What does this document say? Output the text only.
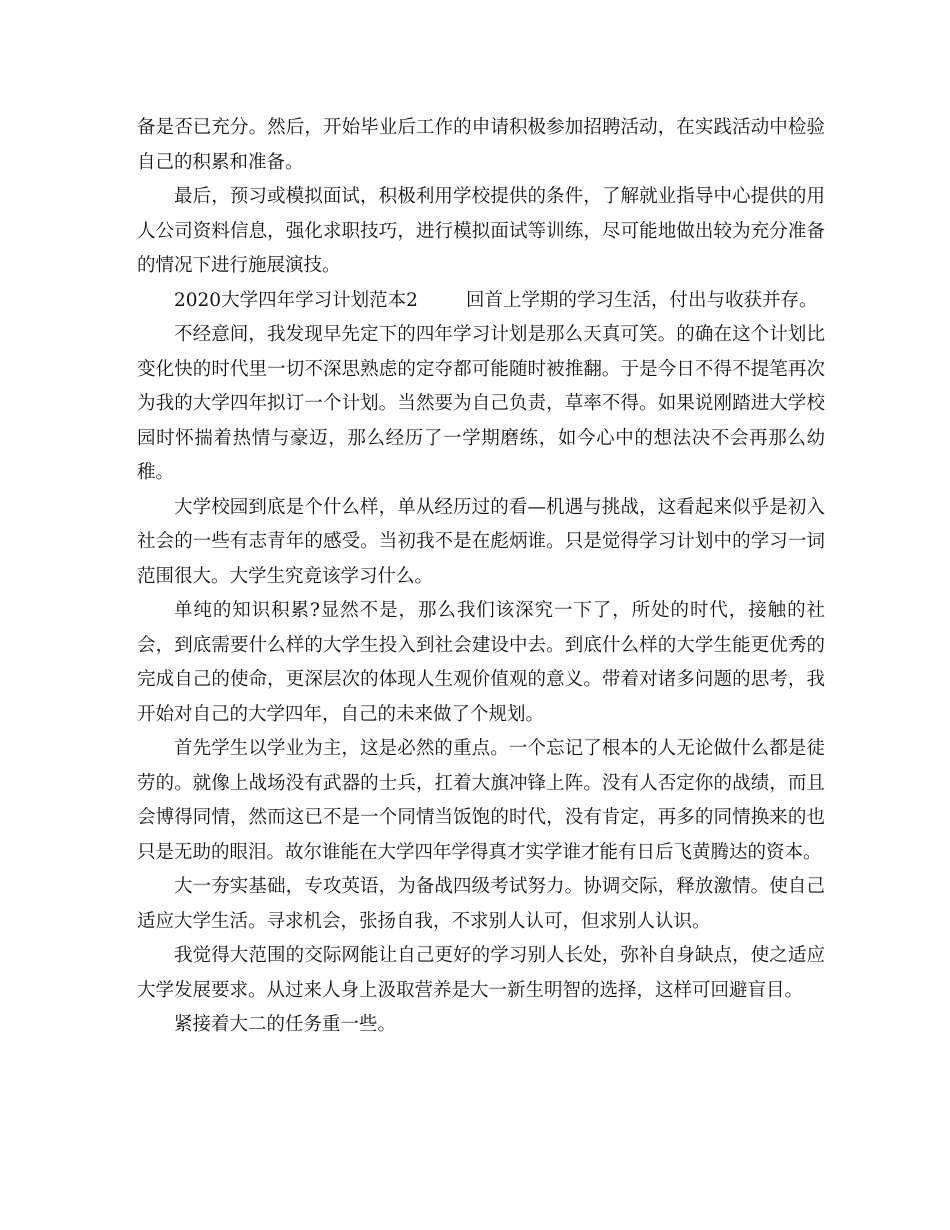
备是否已充分。然后，开始毕业后工作的申请积极参加招聘活动，在实践活动中检验自己的积累和准备。

最后，预习或模拟面试，积极利用学校提供的条件，了解就业指导中心提供的用人公司资料信息，强化求职技巧，进行模拟面试等训练，尽可能地做出较为充分准备的情况下进行施展演技。

2020大学四年学习计划范本2	回首上学期的学习生活，付出与收获并存。

不经意间，我发现早先定下的四年学习计划是那么天真可笑。的确在这个计划比变化快的时代里一切不深思熟虑的定夺都可能随时被推翻。于是今日不得不提笔再次为我的大学四年拟订一个计划。当然要为自己负责，草率不得。如果说刚踏进大学校园时怀揣着热情与豪迈，那么经历了一学期磨练，如今心中的想法决不会再那么幼稚。

大学校园到底是个什么样，单从经历过的看—机遇与挑战，这看起来似乎是初入社会的一些有志青年的感受。当初我不是在彪炳谁。只是觉得学习计划中的学习一词范围很大。大学生究竟该学习什么。

单纯的知识积累?显然不是，那么我们该深究一下了，所处的时代，接触的社会，到底需要什么样的大学生投入到社会建设中去。到底什么样的大学生能更优秀的完成自己的使命，更深层次的体现人生观价值观的意义。带着对诸多问题的思考，我开始对自己的大学四年，自己的未来做了个规划。

首先学生以学业为主，这是必然的重点。一个忘记了根本的人无论做什么都是徒劳的。就像上战场没有武器的士兵，扛着大旗冲锋上阵。没有人否定你的战绩，而且会博得同情，然而这已不是一个同情当饭饱的时代，没有肯定，再多的同情换来的也只是无助的眼泪。故尔谁能在大学四年学得真才实学谁才能有日后飞黄腾达的资本。

大一夯实基础，专攻英语，为备战四级考试努力。协调交际，释放激情。使自己适应大学生活。寻求机会，张扬自我，不求别人认可，但求别人认识。

我觉得大范围的交际网能让自己更好的学习别人长处，弥补自身缺点，使之适应大学发展要求。从过来人身上汲取营养是大一新生明智的选择，这样可回避盲目。

紧接着大二的任务重一些。
